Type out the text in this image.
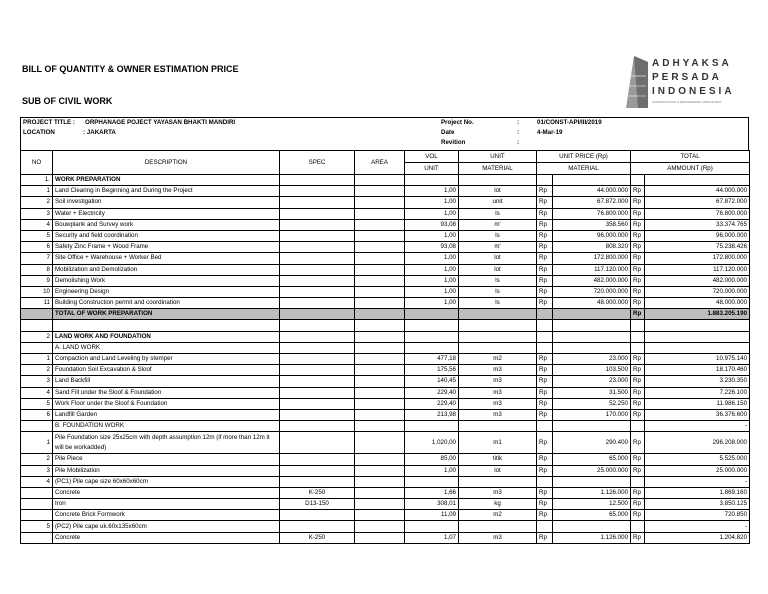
BILL OF QUANTITY & OWNER ESTIMATION PRICE
SUB OF CIVIL WORK
ADHYAKSA
PERSADA
INDONESIA
CONSTRUCTION & ENGINEERING CONSULTANT
PROJECT TITLE : ORPHANAGE POJECT YAYASAN BHAKTI MANDIRI
LOCATION	: JAKARTA
Project No.	:	01/CONST-API/III/2019
Date	:	4-Mar-19
Revition	:
NO	DESCRIPTION	SPEC	AREA	VOL	UNIT	UNIT PRICE (Rp)		TOTAL	
				UNIT	MATERIAL	MATERIAL		AMMOUNT (Rp)	
1.	WORK PREPARATION								
1	Land Clearing in Beginning and During the Project			1,00	lot	Rp	44.000.000	Rp	44.000.000
2	Soil investigation			1,00	unit	Rp	67.872.000	Rp	67.872.000
3	Water + Electricity			1,00	ls	Rp	76.800.000	Rp	76.800.000
4	Bouwplank and Survey work			93,08	m'	Rp	358.560	Rp	33.374.765
5	Security and field coordination			1,00	ls	Rp	96.000.000	Rp	96.000.000
6	Safety Zinc Frame + Wood Frame			93,08	m'	Rp	808.320	Rp	75.238.426
7	Site Office + Warehouse + Worker Bed			1,00	lot	Rp	172.800.000	Rp	172.800.000
8	Mobilization and Demolization			1,00	lot	Rp	117.120.000	Rp	117.120.000
9	Demolishing Work			1,00	ls	Rp	482.000.000	Rp	482.000.000
10	Engineering Design			1,00	ls	Rp	720.000.000	Rp	720.000.000
11	Building Construction permit and coordination			1,00	ls	Rp	48.000.000	Rp	48.000.000
	TOTAL OF WORK PREPARATION							Rp	1.883.205.190

2	LAND WORK AND FOUNDATION								
	A. LAND WORK								
1	Compaction and Land Leveling by stemper			477,18	m2	Rp	23.000	Rp	10.975.140
2	Foundation Soil Excavation & Sloof			175,56	m3	Rp	103.500	Rp	18.170.460
3	Land Backfill			140,45	m3	Rp	23.000	Rp	3.230.350
4	Sand Fill under the Sloof & Foundation			229,40	m3	Rp	31.500	Rp	7.226.100
5	Work Floor under the Sloof & Foundation			229,40	m3	Rp	52.250	Rp	11.986.150
6	Landfill Garden			213,98	m3	Rp	170.000	Rp	36.376.600
	B. FOUNDATION WORK								-
1	Pile Foundation size 25x25cm with depth assumption 12m (if more than 12m it will be workadded)			1.020,00	m1	Rp	290.400	Rp	296.208.000
2	Pile Piece			85,00	titik	Rp	65.000	Rp	5.525.000
3	Pile Mobilization			1,00	lot	Rp	25.000.000	Rp	25.000.000
4	(PC1) Pile cape size 60x60x60cm								-
	Concrete	K-250		1,66	m3	Rp	1.126.000	Rp	1.869.160
	Iron	D13-150		308,01	kg	Rp	12.500	Rp	3.850.125
	Concrete Brick Formwork			11,09	m2	Rp	65.000	Rp	720.850
5	(PC2) Pile cape uk.60x135x60cm								-
	Concrete	K-250		1,07	m3	Rp	1.126.000	Rp	1.204.820
